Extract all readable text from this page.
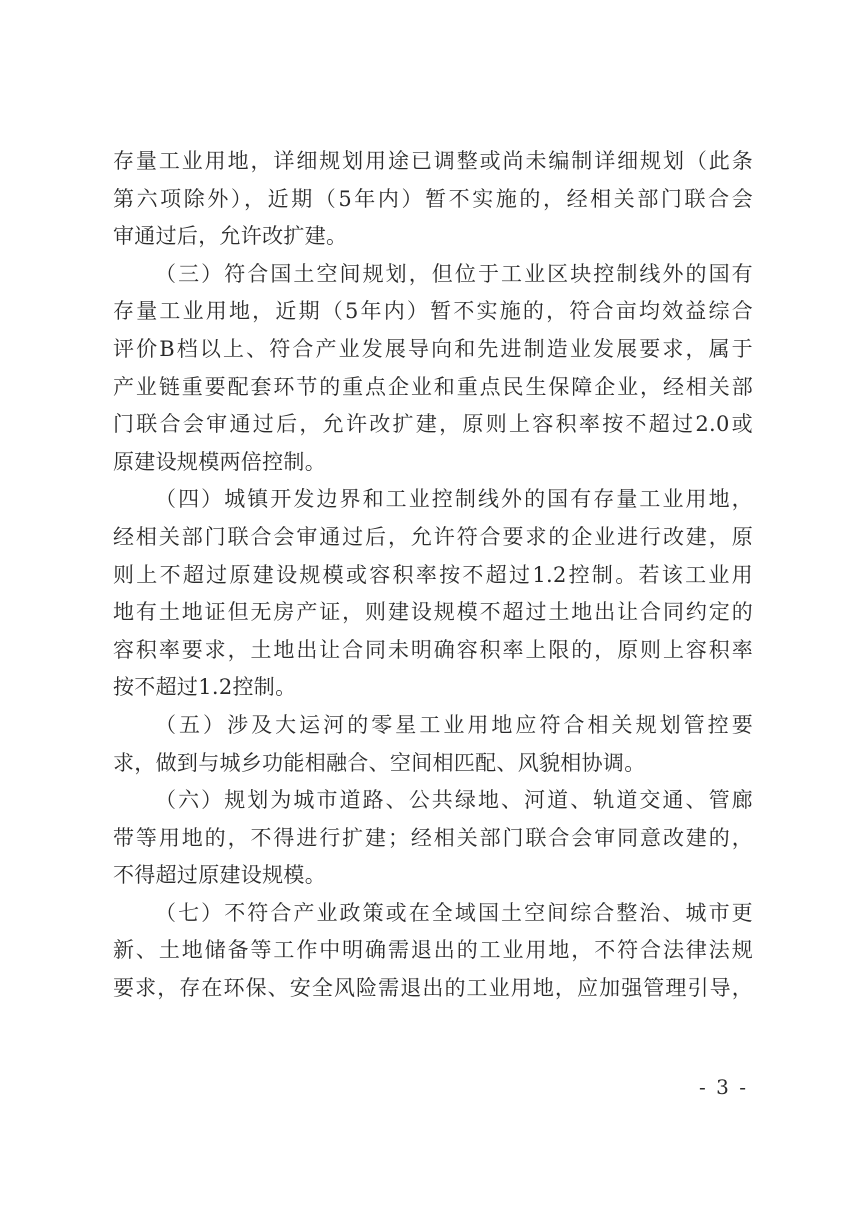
存量工业用地，详细规划用途已调整或尚未编制详细规划（此条
第六项除外），近期（5年内）暂不实施的，经相关部门联合会
审通过后，允许改扩建。
（三）符合国土空间规划，但位于工业区块控制线外的国有
存量工业用地，近期（5年内）暂不实施的，符合亩均效益综合
评价B档以上、符合产业发展导向和先进制造业发展要求，属于
产业链重要配套环节的重点企业和重点民生保障企业，经相关部
门联合会审通过后，允许改扩建，原则上容积率按不超过2.0或
原建设规模两倍控制。
（四）城镇开发边界和工业控制线外的国有存量工业用地，
经相关部门联合会审通过后，允许符合要求的企业进行改建，原
则上不超过原建设规模或容积率按不超过1.2控制。若该工业用
地有土地证但无房产证，则建设规模不超过土地出让合同约定的
容积率要求，土地出让合同未明确容积率上限的，原则上容积率
按不超过1.2控制。
（五）涉及大运河的零星工业用地应符合相关规划管控要
求，做到与城乡功能相融合、空间相匹配、风貌相协调。
（六）规划为城市道路、公共绿地、河道、轨道交通、管廊
带等用地的，不得进行扩建；经相关部门联合会审同意改建的，
不得超过原建设规模。
（七）不符合产业政策或在全域国土空间综合整治、城市更
新、土地储备等工作中明确需退出的工业用地，不符合法律法规
要求，存在环保、安全风险需退出的工业用地，应加强管理引导，
- 3 -
